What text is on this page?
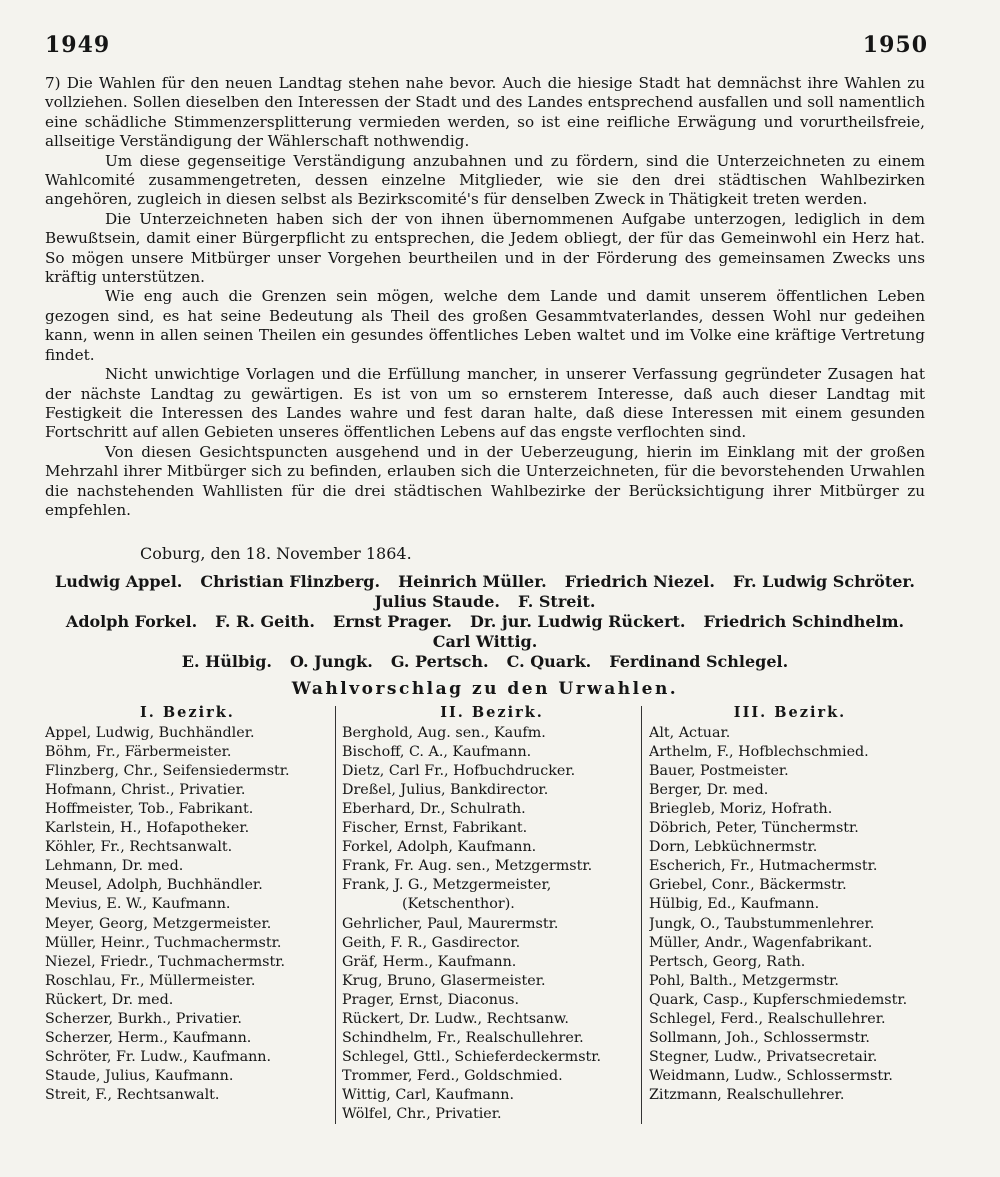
1949	1950

7) Die Wahlen für den neuen Landtag stehen nahe bevor. Auch die hiesige Stadt hat demnächst ihre Wahlen zu vollziehen. Sollen dieselben den Interessen der Stadt und des Landes entsprechend ausfallen und soll namentlich eine schädliche Stimmenzersplitterung vermieden werden, so ist eine reifliche Erwägung und vorurtheilsfreie, allseitige Verständigung der Wählerschaft nothwendig.

Um diese gegenseitige Verständigung anzubahnen und zu fördern, sind die Unterzeichneten zu einem Wahlcomité zusammengetreten, dessen einzelne Mitglieder, wie sie den drei städtischen Wahlbezirken angehören, zugleich in diesen selbst als Bezirkscomité's für denselben Zweck in Thätigkeit treten werden.

Die Unterzeichneten haben sich der von ihnen übernommenen Aufgabe unterzogen, lediglich in dem Bewußtsein, damit einer Bürgerpflicht zu entsprechen, die Jedem obliegt, der für das Gemeinwohl ein Herz hat. So mögen unsere Mitbürger unser Vorgehen beurtheilen und in der Förderung des gemeinsamen Zwecks uns kräftig unterstützen.

Wie eng auch die Grenzen sein mögen, welche dem Lande und damit unserem öffentlichen Leben gezogen sind, es hat seine Bedeutung als Theil des großen Gesammtvaterlandes, dessen Wohl nur gedeihen kann, wenn in allen seinen Theilen ein gesundes öffentliches Leben waltet und im Volke eine kräftige Vertretung findet.

Nicht unwichtige Vorlagen und die Erfüllung mancher, in unserer Verfassung gegründeter Zusagen hat der nächste Landtag zu gewärtigen. Es ist von um so ernsterem Interesse, daß auch dieser Landtag mit Festigkeit die Interessen des Landes wahre und fest daran halte, daß diese Interessen mit einem gesunden Fortschritt auf allen Gebieten unseres öffentlichen Lebens auf das engste verflochten sind.

Von diesen Gesichtspuncten ausgehend und in der Ueberzeugung, hierin im Einklang mit der großen Mehrzahl ihrer Mitbürger sich zu befinden, erlauben sich die Unterzeichneten, für die bevorstehenden Urwahlen die nachstehenden Wahllisten für die drei städtischen Wahlbezirke der Berücksichtigung ihrer Mitbürger zu empfehlen.

Coburg, den 18. November 1864.
Ludwig Appel. Christian Flinzberg. Heinrich Müller. Friedrich Niezel. Fr. Ludwig Schröter.
Julius Staude. F. Streit.
Adolph Forkel. F. R. Geith. Ernst Prager. Dr. jur. Ludwig Rückert. Friedrich Schindhelm.
Carl Wittig.
E. Hülbig. O. Jungk. G. Pertsch. C. Quark. Ferdinand Schlegel.
Wahlvorschlag zu den Urwahlen.
I. Bezirk.
Appel, Ludwig, Buchhändler.
Böhm, Fr., Färbermeister.
Flinzberg, Chr., Seifensiedermstr.
Hofmann, Christ., Privatier.
Hoffmeister, Tob., Fabrikant.
Karlstein, H., Hofapotheker.
Köhler, Fr., Rechtsanwalt.
Lehmann, Dr. med.
Meusel, Adolph, Buchhändler.
Mevius, E. W., Kaufmann.
Meyer, Georg, Metzgermeister.
Müller, Heinr., Tuchmachermstr.
Niezel, Friedr., Tuchmachermstr.
Roschlau, Fr., Müllermeister.
Rückert, Dr. med.
Scherzer, Burkh., Privatier.
Scherzer, Herm., Kaufmann.
Schröter, Fr. Ludw., Kaufmann.
Staude, Julius, Kaufmann.
Streit, F., Rechtsanwalt.
II. Bezirk.
Berghold, Aug. sen., Kaufm.
Bischoff, C. A., Kaufmann.
Dietz, Carl Fr., Hofbuchdrucker.
Dreßel, Julius, Bankdirector.
Eberhard, Dr., Schulrath.
Fischer, Ernst, Fabrikant.
Forkel, Adolph, Kaufmann.
Frank, Fr. Aug. sen., Metzgermstr.
Frank, J. G., Metzgermeister,
(Ketschenthor).
Gehrlicher, Paul, Maurermstr.
Geith, F. R., Gasdirector.
Gräf, Herm., Kaufmann.
Krug, Bruno, Glasermeister.
Prager, Ernst, Diaconus.
Rückert, Dr. Ludw., Rechtsanw.
Schindhelm, Fr., Realschullehrer.
Schlegel, Gttl., Schieferdeckermstr.
Trommer, Ferd., Goldschmied.
Wittig, Carl, Kaufmann.
Wölfel, Chr., Privatier.
III. Bezirk.
Alt, Actuar.
Arthelm, F., Hofblechschmied.
Bauer, Postmeister.
Berger, Dr. med.
Briegleb, Moriz, Hofrath.
Döbrich, Peter, Tünchermstr.
Dorn, Lebküchnermstr.
Escherich, Fr., Hutmachermstr.
Griebel, Conr., Bäckermstr.
Hülbig, Ed., Kaufmann.
Jungk, O., Taubstummenlehrer.
Müller, Andr., Wagenfabrikant.
Pertsch, Georg, Rath.
Pohl, Balth., Metzgermstr.
Quark, Casp., Kupferschmiedemstr.
Schlegel, Ferd., Realschullehrer.
Sollmann, Joh., Schlossermstr.
Stegner, Ludw., Privatsecretair.
Weidmann, Ludw., Schlossermstr.
Zitzmann, Realschullehrer.
